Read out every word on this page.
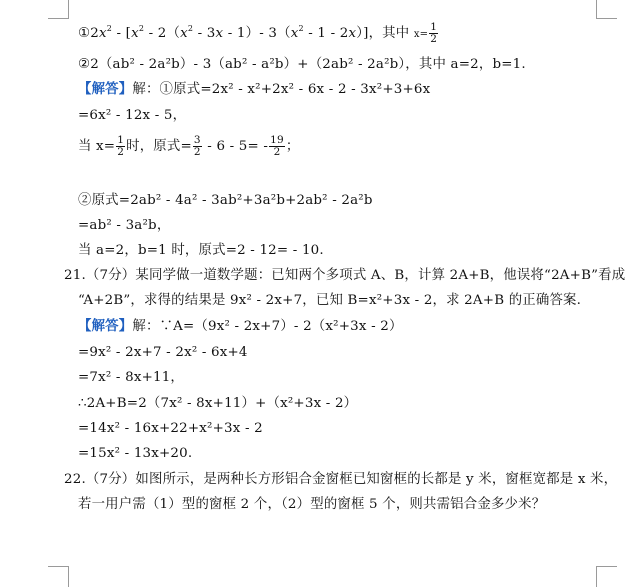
$①2x^2 - [x^2 - 2(x^2 - 3x - 1)-$ $3(x^2 - 1 - 2x)$]，其中 $x= \frac{1}{2}$
②2（ab² - 2a²b）- 3（ab² - a²b）+（2ab² - 2a²b），其中 a=2，b=1.
【解答】解：①原式=2x² - x²+2x² - 6x - 2 - 3x²+3+6x
=6x² - 12x - 5，
当 $x= \frac{1}{2}$ 时，原式= $\frac{3}{2} - 6 - 5= - \frac{19}{2}$ ；
②原式=2ab² - 4a² - 3ab²+3a²b+2ab² - 2a²b
=ab² - 3a²b，
当 a=2，b=1 时，原式=2 - 12= - 10.
21.（7分）某同学做一道数学题：已知两个多项式 A、B，计算 2A+B，他误将“2A+B”看成
“A+2B”，求得的结果是 9x² - 2x+7，已知 B=x²+3x - 2，求 2A+B 的正确答案.
【解答】解：∵A=（9x² - 2x+7）- 2（x²+3x - 2）
=9x² - 2x+7 - 2x² - 6x+4
=7x² - 8x+11，
∴2A+B=2（7x² - 8x+11）+（x²+3x - 2）
=14x² - 16x+22+x²+3x - 2
=15x² - 13x+20.
22.（7分）如图所示，是两种长方形铝合金窗框已知窗框的长都是 y 米，窗框宽都是 x 米，
若一用户需（1）型的窗框 2 个，（2）型的窗框 5 个，则共需铝合金多少米？
